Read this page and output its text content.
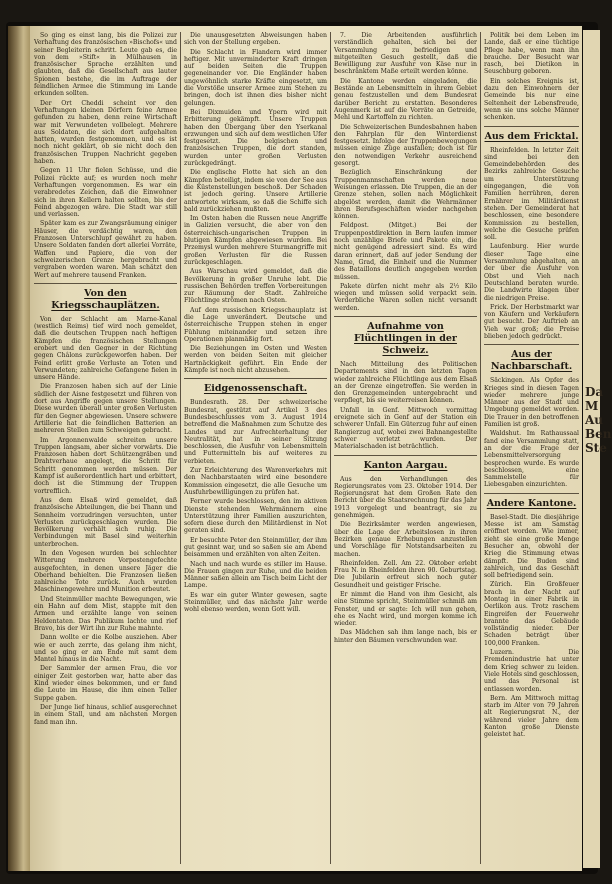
So ging es einst lang, bis die Polizei zur Verhaftung des französischen »Bischofs« und seiner Begleiterin schritt. Leute gab es, die von dem »Stift« in Mülhausen in französischer Sprache erzählten und glaubten, daß die Gesellschaft aus lauter Spionen bestehe, die im Auftrage der feindlichen Armee die Stimmung im Lande erkunden sollten.

Der Ort Cheddi scheint vor den Verhaftungen kleinen Dörfern feine Armee gefunden zu haben, denn reine Wirtschaft war mit Verwundeten vollbelegt. Mehrere aus Soldaten, die sich dort aufgehalten hatten, wurden festgenommen, und es ist noch nicht geklärt, ob sie nicht doch den französischen Truppen Nachricht gegeben haben.

Gegen 11 Uhr fielen Schüsse, und die Polizei rückte auf; es wurden noch mehr Verhaftungen vorgenommen. Es war ein verabredetes Zeichen, daß die Einwohner sich in ihren Kellern halten sollten, bis der Feind abgezogen wäre. Die Stadt war still und verlassen.

Später kam es zur Zwangsräumung einiger Häuser, die verdächtig waren, den Franzosen Unterschlupf gewährt zu haben. Unsere Soldaten fanden dort allerlei Vorräte, Waffen und Papiere, die von der schweizerischen Grenze hergebracht und vergraben worden waren. Man schätzt den Wert auf mehrere tausend Franken.

Von den Kriegsschauplätzen.

Von der Schlacht am Marne-Kanal (westlich Reims) tief wird noch gemeldet, daß die deutschen Truppen nach heftigen Kämpfen die französischen Stellungen erobert und den Gegner in der Richtung gegen Châlons zurückgeworfen haben. Der Feind erlitt große Verluste an Toten und Verwundeten; zahlreiche Gefangene fielen in unsere Hände.

Die Franzosen haben sich auf der Linie südlich der Aisne festgesetzt und führen von dort aus Angriffe gegen unsere Stellungen. Diese wurden überall unter großen Verlusten für den Gegner abgewiesen. Unsere schwere Artillerie hat die feindlichen Batterien an mehreren Stellen zum Schweigen gebracht.

Im Argonnenwalde schreiten unsere Truppen langsam, aber sicher vorwärts. Die Franzosen haben dort Schützengräben und Drahtverhaue angelegt, die Schritt für Schritt genommen werden müssen. Der Kampf ist außerordentlich hart und erbittert, doch ist die Stimmung der Truppen vortrefflich.

Aus dem Elsaß wird gemeldet, daß französische Abteilungen, die bei Thann und Sennheim vorzudringen versuchten, unter Verlusten zurückgeschlagen wurden. Die Bevölkerung verhält sich ruhig. Die Verbindungen mit Basel sind weiterhin unterbrochen.

In den Vogesen wurden bei schlechter Witterung mehrere Vorpostengefechte ausgefochten, in denen unsere Jäger die Oberhand behielten. Die Franzosen ließen zahlreiche Tote zurück. Auch wurden Maschinengewehre und Munition erbeutet.

Und Steinmüller machte Bewegungen, wie ein Hahn auf dem Mist, stappte mit den Armen und erzählte lange von seinen Heldentaten. Das Publikum lachte und rief Bravo, bis der Wirt ihn zur Ruhe mahnte.

Dann wollte er die Kolbe ausziehen. Aber wie er auch zerrte, das gelang ihm nicht, und so ging er am Ende mit samt dem Mantel hinaus in die Nacht.

Der Sammler der armen Frau, die vor einiger Zeit gestorben war, hatte aber das Kind wieder eines bekommen, und er fand die Leute im Hause, die ihm einen Teller Suppe gaben.

Der Junge lief hinaus, schlief ausgerechnet in einem Stall, und am nächsten Morgen fand man ihn.

Die unausgesetzten Abweisungen haben sich von der Stellung ergeben.

Die Schlacht in Flandern wird immer heftiger. Mit unverminderter Kraft dringen auf beiden Seiten die Truppen gegeneinander vor. Die Engländer haben ungewöhnlich starke Kräfte eingesetzt, um die Vorstöße unserer Armee zum Stehen zu bringen, doch ist ihnen dies bisher nicht gelungen.

Bei Dixmuiden und Ypern wird mit Erbitterung gekämpft. Unsere Truppen haben den Übergang über den Yserkanal erzwungen und sich auf dem westlichen Ufer festgesetzt. Die belgischen und französischen Truppen, die dort standen, wurden unter großen Verlusten zurückgedrängt.

Die englische Flotte hat sich an den Kämpfen beteiligt, indem sie von der See aus die Küstenstellungen beschoß. Der Schaden ist jedoch gering. Unsere Artillerie antwortete wirksam, so daß die Schiffe sich bald zurückziehen mußten.

Im Osten haben die Russen neue Angriffe in Galizien versucht, die aber von den österreichisch-ungarischen Truppen in blutigen Kämpfen abgewiesen wurden. Bei Przemysl wurden mehrere Sturmangriffe mit großen Verlusten für die Russen zurückgeschlagen.

Aus Warschau wird gemeldet, daß die Bevölkerung in großer Unruhe lebt. Die russischen Behörden treffen Vorbereitungen zur Räumung der Stadt. Zahlreiche Flüchtlinge strömen nach Osten.

Auf dem russischen Kriegsschauplatz ist die Lage unverändert. Deutsche und österreichische Truppen stehen in enger Fühlung miteinander und setzen ihre Operationen planmäßig fort.

Die Beziehungen im Osten und Westen werden von beiden Seiten mit gleicher Hartnäckigkeit geführt. Ein Ende der Kämpfe ist noch nicht abzusehen.

Eidgenossenschaft.

Bundesrath. 28. Der schweizerische Bundesrat, gestützt auf Artikel 3 des Bundesbeschlusses vom 3. August 1914 betreffend die Maßnahmen zum Schutze des Landes und zur Aufrechterhaltung der Neutralität, hat in seiner Sitzung beschlossen, die Ausfuhr von Lebensmitteln und Futtermitteln bis auf weiteres zu verbieten.

Zur Erleichterung des Warenverkehrs mit den Nachbarstaaten wird eine besondere Kommission eingesetzt, die alle Gesuche um Ausfuhrbewilligungen zu prüfen hat.

Ferner wurde beschlossen, den im aktiven Dienste stehenden Wehrmännern eine Unterstützung ihrer Familien auszurichten, sofern diese durch den Militärdienst in Not geraten sind.

Er besuchte Peter den Steinmüller, der ihm gut gesinnt war, und so saßen sie am Abend beisammen und erzählten von alten Zeiten.

Nach und nach wurde es stiller im Hause. Die Frauen gingen zur Ruhe, und die beiden Männer saßen allein am Tisch beim Licht der Lampe.

Es war ein guter Winter gewesen, sagte Steinmüller, und das nächste Jahr werde wohl ebenso werden, wenn Gott will.

7. Die Arbeitenden ausführlich verständlich gehalten, sich bei der Versammlung zu befriedigen und mitgeteilten Gesuch gestellt, daß die Bewilligung zur Ausfuhr von Käse nur in beschränktem Maße erteilt werden könne.

Die Kantone werden eingeladen, die Bestände an Lebensmitteln in ihrem Gebiet genau festzustellen und dem Bundesrat darüber Bericht zu erstatten. Besonderes Augenmerk ist auf die Vorräte an Getreide, Mehl und Kartoffeln zu richten.

Die Schweizerischen Bundesbahnen haben den Fahrplan für den Winterdienst festgesetzt. Infolge der Truppenbewegungen müssen einige Züge ausfallen; doch ist für den notwendigen Verkehr ausreichend gesorgt.

Bezüglich Einschränkung der Truppenmannschaften werden neue Weisungen erlassen. Die Truppen, die an der Grenze stehen, sollen nach Möglichkeit abgelöst werden, damit die Wehrmänner ihren Berufsgeschäften wieder nachgehen können.

Feldpost. (Mitget.) Bei der Truppenpostdirektion in Bern laufen immer noch unzählige Briefe und Pakete ein, die nicht genügend adressiert sind. Es wird daran erinnert, daß auf jeder Sendung der Name, Grad, die Einheit und die Nummer des Bataillons deutlich angegeben werden müssen.

Pakete dürfen nicht mehr als 2½ Kilo wiegen und müssen solid verpackt sein. Verderbliche Waren sollen nicht versandt werden.

Aufnahme von Flüchtlingen in der Schweiz.

Nach Mitteilung des Politischen Departements sind in den letzten Tagen wieder zahlreiche Flüchtlinge aus dem Elsaß an der Grenze eingetroffen. Sie werden in den Grenzgemeinden untergebracht und verpflegt, bis sie weiterreisen können.

Unfall in Genf. Mittwoch vormittag ereignete sich in Genf auf der Station ein schwerer Unfall. Ein Güterzug fuhr auf einen Rangierzug auf, wobei zwei Bahnangestellte schwer verletzt wurden. Der Materialschaden ist beträchtlich.

Kanton Aargau.

Aus den Verhandlungen des Regierungsrates vom 23. Oktober 1914. Der Regierungsrat hat dem Großen Rate den Bericht über die Staatsrechnung für das Jahr 1913 vorgelegt und beantragt, sie zu genehmigen.

Die Bezirksämter werden angewiesen, über die Lage der Arbeitslosen in ihren Bezirken genaue Erhebungen anzustellen und Vorschläge für Notstandsarbeiten zu machen.

Rheinfelden. Zell. Am 22. Oktober erlebt Frau N. in Rheinfelden ihren 90. Geburtstag. Die Jubilarin erfreut sich noch guter Gesundheit und geistiger Frische.

Er nimmt die Hand von ihm Gesicht, als eine Stimme spricht, Steinmüller schmiß am Fenster, und er sagte: Ich will nun gehen, ehe es Nacht wird, und morgen komme ich wieder.

Das Mädchen sah ihm lange nach, bis er hinter den Bäumen verschwunden war.

Politik bei dem Leben im Lande, daß er eine tüchtige Pflege habe, wenn man ihn brauche. Der Besucht war rasch, bei Dietikon in Seuschburg geboren.

Ein solches Ereignis ist, dazu den Einwohnern der Gemeinde bis nur eine Seltenheit der Lebensfreude, wenn sie uns solche Männer schenken.

Aus dem Fricktal.

Rheinfelden. In letzter Zeit sind bei den Gemeindebehörden des Bezirks zahlreiche Gesuche um Unterstützung eingegangen, die von Familien herrühren, deren Ernährer im Militärdienst stehen. Der Gemeinderat hat beschlossen, eine besondere Kommission zu bestellen, welche die Gesuche prüfen soll.

Laufenburg. Hier wurde dieser Tage eine Versammlung abgehalten, an der über die Ausfuhr von Obst und Vieh nach Deutschland beraten wurde. Die Landwirte klagen über die niedrigen Preise.

Frick. Der Herbstmarkt war von Käufern und Verkäufern gut besucht. Der Auftrieb an Vieh war groß; die Preise blieben jedoch gedrückt.

Aus der Nachbarschaft.

Säckingen. Als Opfer des Krieges sind in diesen Tagen wieder mehrere junge Männer aus der Stadt und Umgebung gemeldet worden. Die Trauer in den betroffenen Familien ist groß.

Waldshut. Im Rathaussaal fand eine Versammlung statt, an der die Frage der Lebensmittelversorgung besprochen wurde. Es wurde beschlossen, eine Sammelstelle für Liebesgaben einzurichten.

Andere Kantone.

Basel-Stadt. Die diesjährige Messe ist am Samstag eröffnet worden. Wie immer, zieht sie eine große Menge Besucher an, obwohl der Krieg die Stimmung etwas dämpft. Die Buden sind zahlreich, und das Geschäft soll befriedigend sein.

Zürich. Ein Großfeuer brach in der Nacht auf Montag in einer Fabrik in Oerlikon aus. Trotz raschem Eingreifen der Feuerwehr brannte das Gebäude vollständig nieder. Der Schaden beträgt über 100,000 Franken.

Luzern. Die Fremdenindustrie hat unter dem Krieg schwer zu leiden. Viele Hotels sind geschlossen, und das Personal ist entlassen worden.

Bern. Am Mittwoch mittag starb im Alter von 79 Jahren alt Regierungsrat N., der während vieler Jahre dem Kanton große Dienste geleistet hat.

Da
M
Au
Ben
Ste
